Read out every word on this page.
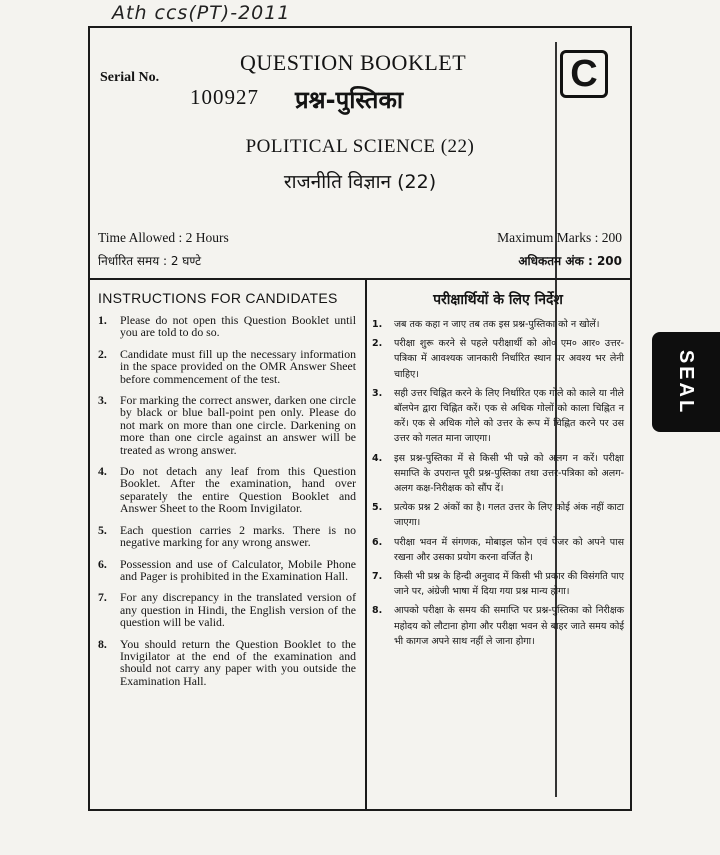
Ath ccs(PT)-2011
Serial No.
QUESTION BOOKLET
100927 प्रश्न-पुस्तिका
C
POLITICAL SCIENCE (22)
राजनीति विज्ञान (22)
Time Allowed : 2 Hours
निर्धारित समय : 2 घण्टे
Maximum Marks : 200
अधिकतम अंक : 200
INSTRUCTIONS FOR CANDIDATES
1.	Please do not open this Question Booklet until you are told to do so.
2.	Candidate must fill up the necessary information in the space provided on the OMR Answer Sheet before commencement of the test.
3.	For marking the correct answer, darken one circle by black or blue ball-point pen only. Please do not mark on more than one circle. Darkening on more than one circle against an answer will be treated as wrong answer.
4.	Do not detach any leaf from this Question Booklet. After the examination, hand over separately the entire Question Booklet and Answer Sheet to the Room Invigilator.
5.	Each question carries 2 marks. There is no negative marking for any wrong answer.
6.	Possession and use of Calculator, Mobile Phone and Pager is prohibited in the Examination Hall.
7.	For any discrepancy in the translated version of any question in Hindi, the English version of the question will be valid.
8.	You should return the Question Booklet to the Invigilator at the end of the examination and should not carry any paper with you outside the Examination Hall.
परीक्षार्थियों के लिए निर्देश
1.	जब तक कहा न जाए तब तक इस प्रश्न-पुस्तिका को न खोलें।
2.	परीक्षा शुरू करने से पहले परीक्षार्थी को ओ० एम० आर० उत्तर-पत्रिका में आवश्यक जानकारी निर्धारित स्थान पर अवश्य भर लेनी चाहिए।
3.	सही उत्तर चिह्नित करने के लिए निर्धारित एक गोले को काले या नीले बॉलपेन द्वारा चिह्नित करें। एक से अधिक गोलों को काला चिह्नित न करें। एक से अधिक गोले को उत्तर के रूप में चिह्नित करने पर उस उत्तर को गलत माना जाएगा।
4.	इस प्रश्न-पुस्तिका में से किसी भी पन्ने को अलग न करें। परीक्षा समाप्ति के उपरान्त पूरी प्रश्न-पुस्तिका तथा उत्तर-पत्रिका को अलग-अलग कक्ष-निरीक्षक को सौंप दें।
5.	प्रत्येक प्रश्न 2 अंकों का है। गलत उत्तर के लिए कोई अंक नहीं काटा जाएगा।
6.	परीक्षा भवन में संगणक, मोबाइल फोन एवं पेजर को अपने पास रखना और उसका प्रयोग करना वर्जित है।
7.	किसी भी प्रश्न के हिन्दी अनुवाद में किसी भी प्रकार की विसंगति पाए जाने पर, अंग्रेजी भाषा में दिया गया प्रश्न मान्य होगा।
8.	आपको परीक्षा के समय की समाप्ति पर प्रश्न-पुस्तिका को निरीक्षक महोदय को लौटाना होगा और परीक्षा भवन से बाहर जाते समय कोई भी कागज अपने साथ नहीं ले जाना होगा।
SEAL
